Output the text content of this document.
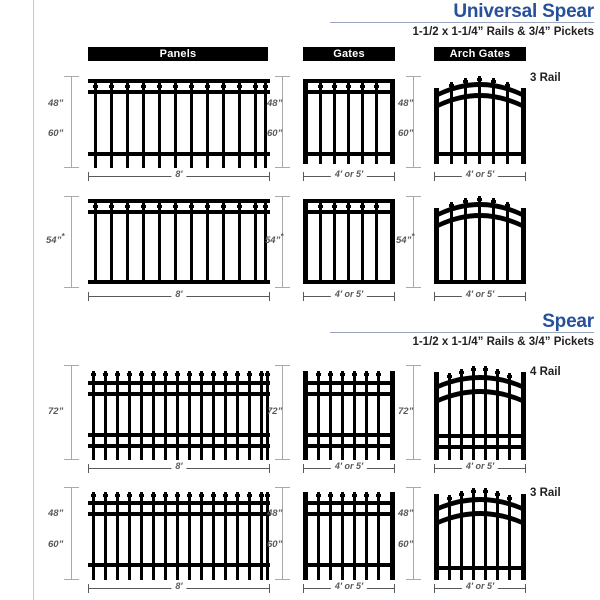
Universal Spear
1-1/2 x 1-1/4” Rails & 3/4” Pickets
Panels	Gates	Arch Gates
3 Rail
48”
60”
8′
48”
60”
4′ or 5′
48”
60”
4′ or 5′
54”*
8′
54”*
4′ or 5′
54”*
4′ or 5′
Spear
1-1/2 x 1-1/4” Rails & 3/4” Pickets
4 Rail
3 Rail
72”
8′
72”
4′ or 5′
72”
4′ or 5′
48”
60”
8′
48”
60”
4′ or 5′
48”
60”
4′ or 5′
